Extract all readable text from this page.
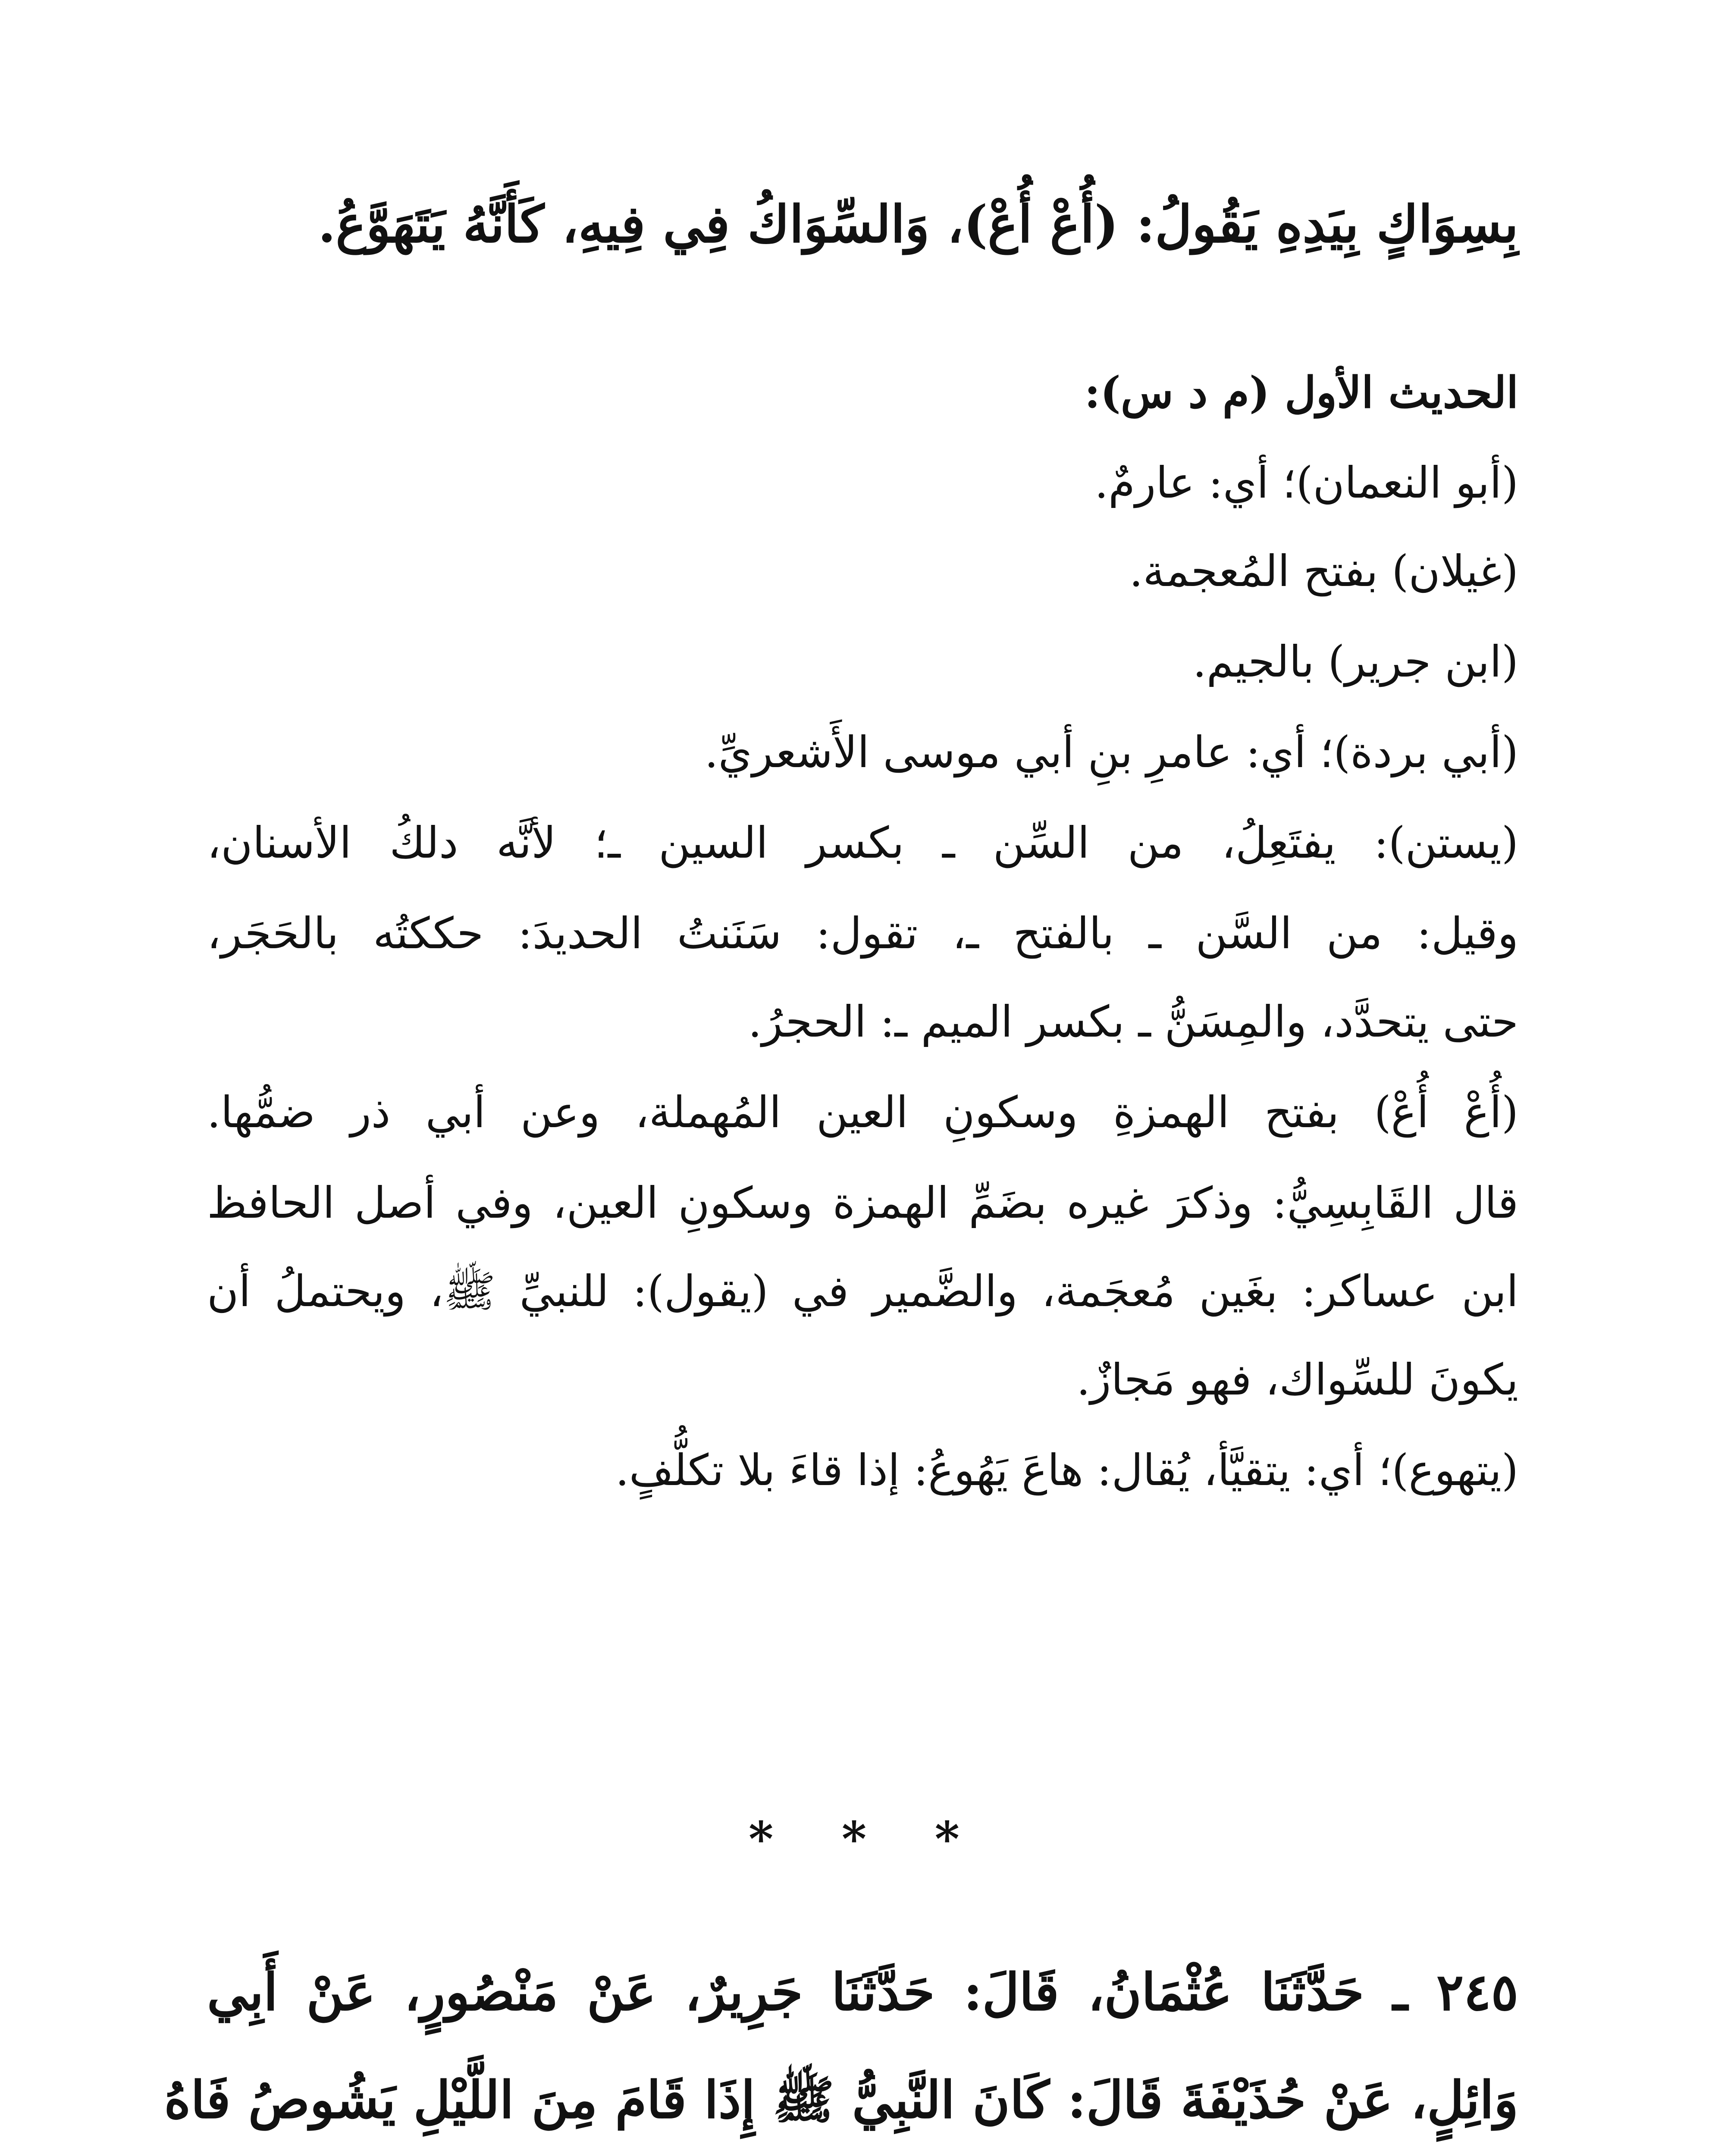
بِسِوَاكٍ بِيَدِهِ يَقُولُ: (أُعْ أُعْ)، وَالسِّوَاكُ فِي فِيهِ، كَأَنَّهُ يَتَهَوَّعُ.
الحديث الأول (م د س):
(أبو النعمان)؛ أي: عارمٌ.
(غيلان) بفتح المُعجمة.
(ابن جرير) بالجيم.
(أبي بردة)؛ أي: عامرِ بنِ أبي موسى الأَشعريِّ.
(يستن): يفتَعِلُ، من السِّن ـ بكسر السين ـ؛ لأنَّه دلكُ الأسنان،
وقيل: من السَّن ـ بالفتح ـ، تقول: سَنَنتُ الحديدَ: حككتُه بالحَجَر،
حتى يتحدَّد، والمِسَنُّ ـ بكسر الميم ـ: الحجرُ.
(أُعْ أُعْ) بفتح الهمزةِ وسكونِ العين المُهملة، وعن أبي ذر ضمُّها.
قال القَابِسِيُّ: وذكرَ غيره بضَمِّ الهمزة وسكونِ العين، وفي أصل الحافظ
ابن عساكر: بغَين مُعجَمة، والضَّمير في (يقول): للنبيِّ ﷺ، ويحتملُ أن
يكونَ للسِّواك، فهو مَجازٌ.
(يتهوع)؛ أي: يتقيَّأ، يُقال: هاعَ يَهُوعُ: إذا قاءَ بلا تكلُّفٍ.
* * *
٢٤٥ ـ حَدَّثَنَا عُثْمَانُ، قَالَ: حَدَّثَنَا جَرِيرٌ، عَنْ مَنْصُورٍ، عَنْ أَبِي
وَائِلٍ، عَنْ حُذَيْفَةَ قَالَ: كَانَ النَّبِيُّ ﷺ إِذَا قَامَ مِنَ اللَّيْلِ يَشُوصُ فَاهُ
